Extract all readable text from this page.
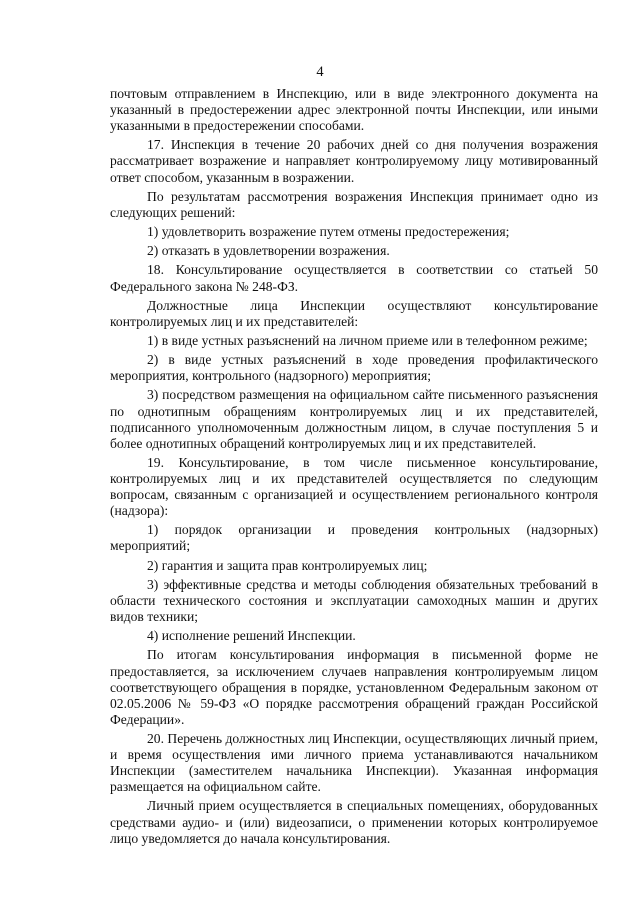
4

почтовым отправлением в Инспекцию, или в виде электронного документа на указанный в предостережении адрес электронной почты Инспекции, или иными указанными в предостережении способами.

17. Инспекция в течение 20 рабочих дней со дня получения возражения рассматривает возражение и направляет контролируемому лицу мотивированный ответ способом, указанным в возражении.

По результатам рассмотрения возражения Инспекция принимает одно из следующих решений:

1) удовлетворить возражение путем отмены предостережения;

2) отказать в удовлетворении возражения.

18. Консультирование осуществляется в соответствии со статьей 50 Федерального закона № 248-ФЗ.

Должностные лица Инспекции осуществляют консультирование контролируемых лиц и их представителей:

1) в виде устных разъяснений на личном приеме или в телефонном режиме;

2) в виде устных разъяснений в ходе проведения профилактического мероприятия, контрольного (надзорного) мероприятия;

3) посредством размещения на официальном сайте письменного разъяснения по однотипным обращениям контролируемых лиц и их представителей, подписанного уполномоченным должностным лицом, в случае поступления 5 и более однотипных обращений контролируемых лиц и их представителей.

19. Консультирование, в том числе письменное консультирование, контролируемых лиц и их представителей осуществляется по следующим вопросам, связанным с организацией и осуществлением регионального контроля (надзора):

1) порядок организации и проведения контрольных (надзорных) мероприятий;

2) гарантия и защита прав контролируемых лиц;

3) эффективные средства и методы соблюдения обязательных требований в области технического состояния и эксплуатации самоходных машин и других видов техники;

4) исполнение решений Инспекции.

По итогам консультирования информация в письменной форме не предоставляется, за исключением случаев направления контролируемым лицом соответствующего обращения в порядке, установленном Федеральным законом от 02.05.2006 № 59-ФЗ «О порядке рассмотрения обращений граждан Российской Федерации».

20. Перечень должностных лиц Инспекции, осуществляющих личный прием, и время осуществления ими личного приема устанавливаются начальником Инспекции (заместителем начальника Инспекции). Указанная информация размещается на официальном сайте.

Личный прием осуществляется в специальных помещениях, оборудованных средствами аудио- и (или) видеозаписи, о применении которых контролируемое лицо уведомляется до начала консультирования.
